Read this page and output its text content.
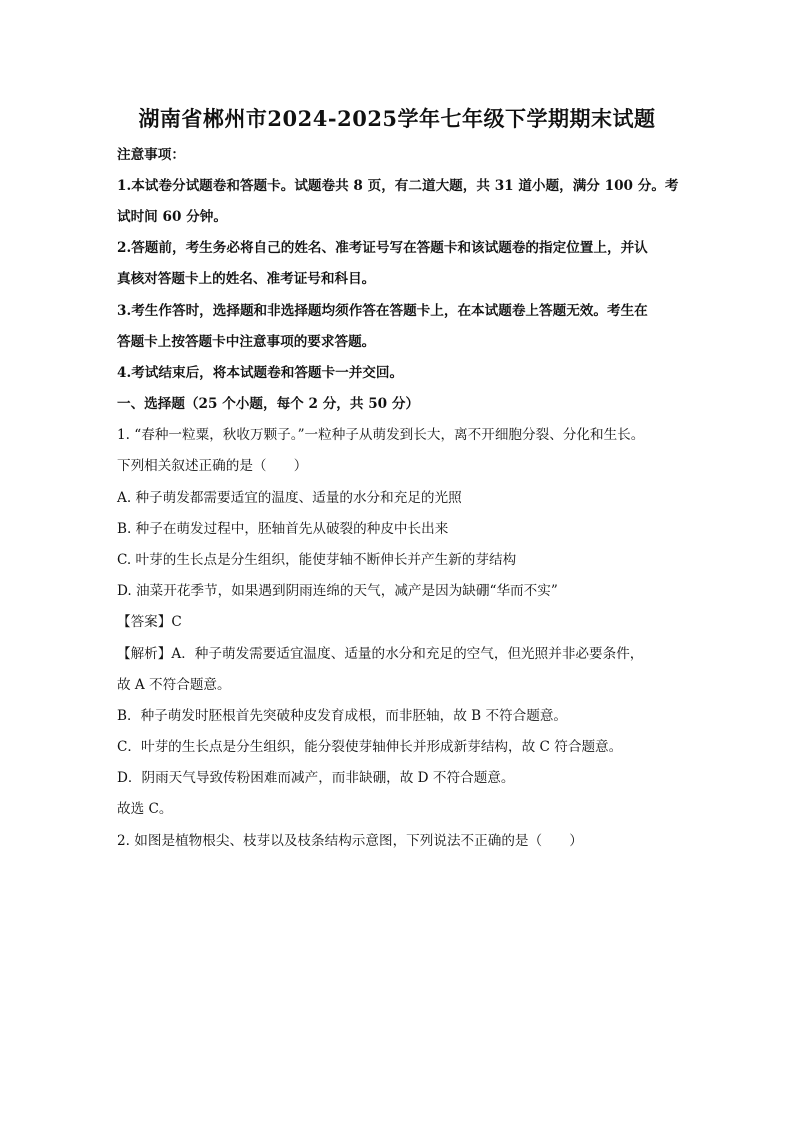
湖南省郴州市2024-2025学年七年级下学期期末试题
注意事项：
1.本试卷分试题卷和答题卡。试题卷共 8 页，有二道大题，共 31 道小题，满分 100 分。考
试时间 60 分钟。
2.答题前，考生务必将自己的姓名、准考证号写在答题卡和该试题卷的指定位置上，并认
真核对答题卡上的姓名、准考证号和科目。
3.考生作答时，选择题和非选择题均须作答在答题卡上，在本试题卷上答题无效。考生在
答题卡上按答题卡中注意事项的要求答题。
4.考试结束后，将本试题卷和答题卡一并交回。
一、选择题（25 个小题，每个 2 分，共 50 分）
1. “春种一粒粟，秋收万颗子。”一粒种子从萌发到长大，离不开细胞分裂、分化和生长。
下列相关叙述正确的是（　　）
A. 种子萌发都需要适宜的温度、适量的水分和充足的光照
B. 种子在萌发过程中，胚轴首先从破裂的种皮中长出来
C. 叶芽的生长点是分生组织，能使芽轴不断伸长并产生新的芽结构
D. 油菜开花季节，如果遇到阴雨连绵的天气，减产是因为缺硼“华而不实”
【答案】C
【解析】A．种子萌发需要适宜温度、适量的水分和充足的空气，但光照并非必要条件，
故 A 不符合题意。
B．种子萌发时胚根首先突破种皮发育成根，而非胚轴，故 B 不符合题意。
C．叶芽的生长点是分生组织，能分裂使芽轴伸长并形成新芽结构，故 C 符合题意。
D．阴雨天气导致传粉困难而减产，而非缺硼，故 D 不符合题意。
故选 C。
2. 如图是植物根尖、枝芽以及枝条结构示意图，下列说法不正确的是（　　）
